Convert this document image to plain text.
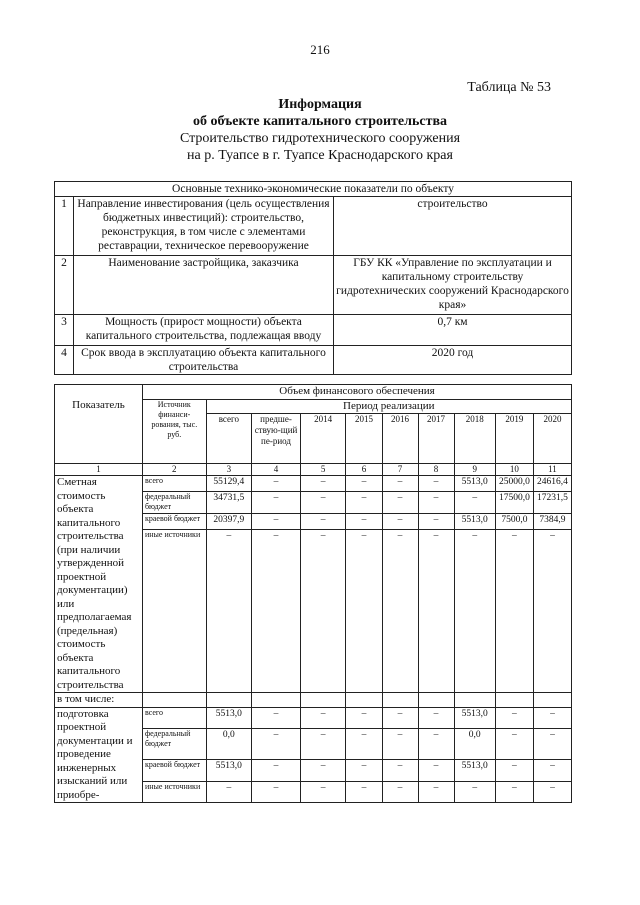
216
Таблица № 53
Информация
об объекте капитального строительства
Строительство гидротехнического сооружения
на р. Туапсе в г. Туапсе Краснодарского края
Основные технико-экономические показатели по объекту		
1	Направление инвестирования (цель осуществления бюджетных инвестиций): строительство, реконструкция, в том числе с элементами реставрации, техническое перевооружение	строительство
2	Наименование застройщика, заказчика	ГБУ КК «Управление по эксплуатации и капитальному строительству гидротехнических сооружений Краснодарского края»
3	Мощность (прирост мощности) объекта капитального строительства, подлежащая вводу	0,7 км
4	Срок ввода в эксплуатацию объекта капитального строительства	2020 год
	Объем финансового обеспечения									
Показатель	Источник финанси-рования, тыс. руб.	Период реализации								
		всего	предше-ствую-щий пе-риод	2014	2015	2016	2017	2018	2019	2020
1	2	3	4	5	6	7	8	9	10	11
Сметная стоимость объекта капитального строительства (при наличии утвержденной проектной документации) или предполагаемая (предельная) стоимость объекта капитального строительства	всего	55129,4	–	–	–	–	–	5513,0	25000,0	24616,4
	федеральный бюджет	34731,5	–	–	–	–	–	–	17500,0	17231,5
	краевой бюджет	20397,9	–	–	–	–	–	5513,0	7500,0	7384,9
	иные источники	–	–	–	–	–	–	–	–	–
в том числе:										
подготовка проектной документации и проведение инженерных изысканий или приобре-	всего	5513,0	–	–	–	–	–	5513,0	–	–
	федеральный бюджет	0,0	–	–	–	–	–	0,0	–	–
	краевой бюджет	5513,0	–	–	–	–	–	5513,0	–	–
	иные источники	–	–	–	–	–	–	–	–	–
